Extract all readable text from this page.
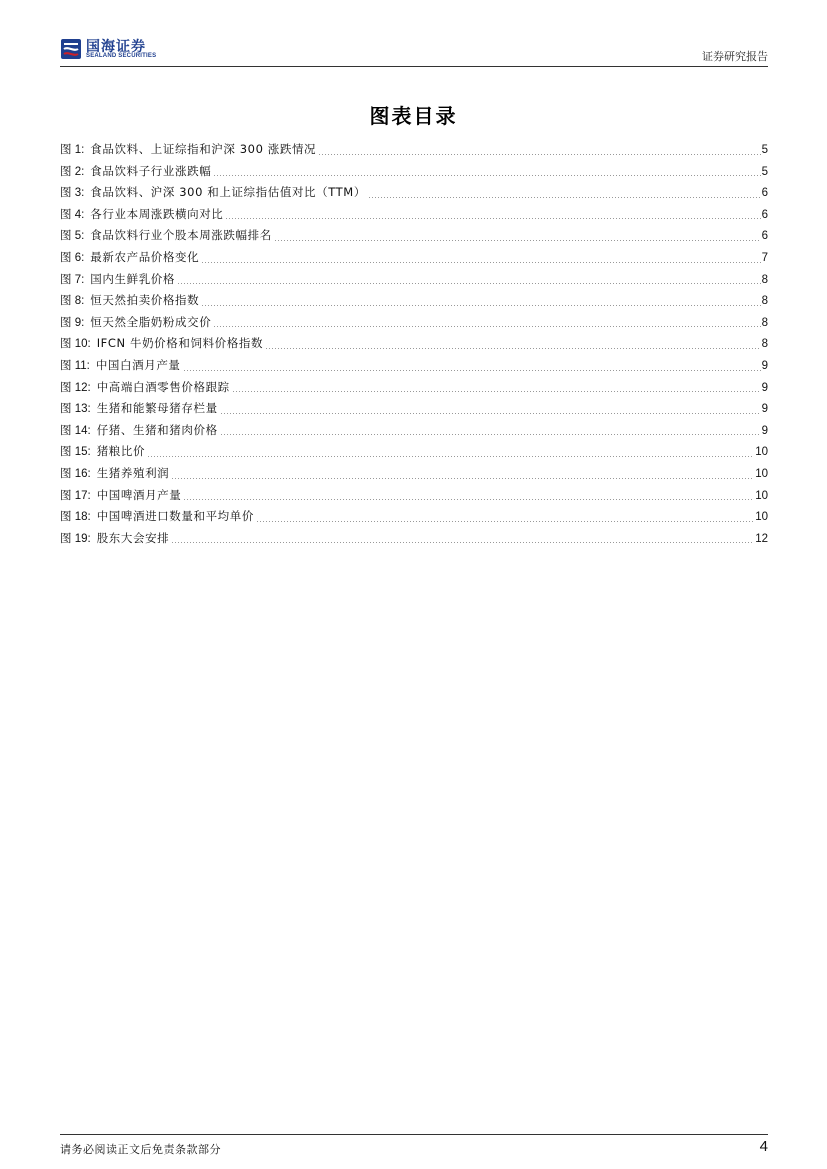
国海证券
SEALAND SECURITIES	证券研究报告
图表目录
图 1: 食品饮料、上证综指和沪深 300 涨跌情况	5
图 2: 食品饮料子行业涨跌幅	5
图 3: 食品饮料、沪深 300 和上证综指估值对比（TTM）	6
图 4: 各行业本周涨跌横向对比	6
图 5: 食品饮料行业个股本周涨跌幅排名	6
图 6: 最新农产品价格变化	7
图 7: 国内生鲜乳价格	8
图 8: 恒天然拍卖价格指数	8
图 9: 恒天然全脂奶粉成交价	8
图 10: IFCN 牛奶价格和饲料价格指数	8
图 11: 中国白酒月产量	9
图 12: 中高端白酒零售价格跟踪	9
图 13: 生猪和能繁母猪存栏量	9
图 14: 仔猪、生猪和猪肉价格	9
图 15: 猪粮比价	10
图 16: 生猪养殖利润	10
图 17: 中国啤酒月产量	10
图 18: 中国啤酒进口数量和平均单价	10
图 19: 股东大会安排	12
请务必阅读正文后免责条款部分	4
